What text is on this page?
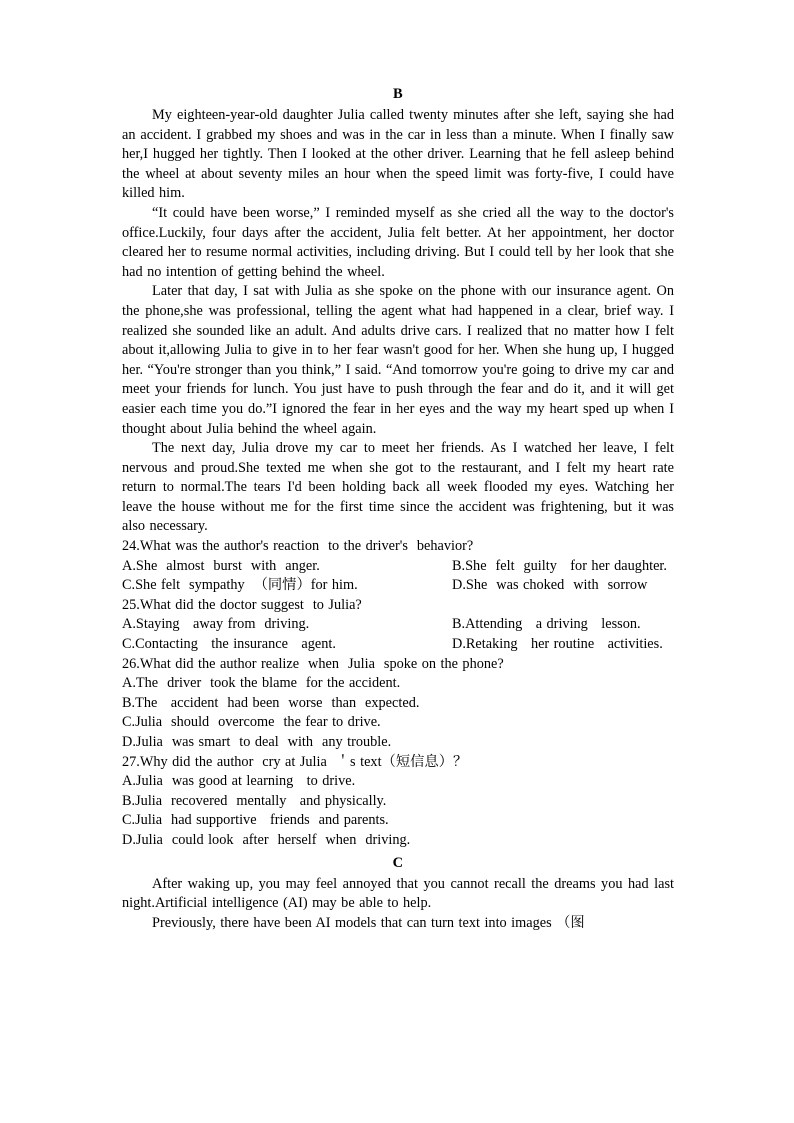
B

My eighteen-year-old daughter Julia called twenty minutes after she left, saying she had an accident. I grabbed my shoes and was in the car in less than a minute. When I finally saw her,I hugged her tightly. Then I looked at the other driver. Learning that he fell asleep behind the wheel at about seventy miles an hour when the speed limit was forty-five, I could have killed him.

“It could have been worse,” I reminded myself as she cried all the way to the doctor's office.Luckily, four days after the accident, Julia felt better. At her appointment, her doctor cleared her to resume normal activities, including driving. But I could tell by her look that she had no intention of getting behind the wheel.

Later that day, I sat with Julia as she spoke on the phone with our insurance agent. On the phone,she was professional, telling the agent what had happened in a clear, brief way. I realized she sounded like an adult. And adults drive cars. I realized that no matter how I felt about it,allowing Julia to give in to her fear wasn't good for her. When she hung up, I hugged her. “You're stronger than you think,” I said. “And tomorrow you're going to drive my car and meet your friends for lunch. You just have to push through the fear and do it, and it will get easier each time you do.”I ignored the fear in her eyes and the way my heart sped up when I thought about Julia behind the wheel again.

The next day, Julia drove my car to meet her friends. As I watched her leave, I felt nervous and proud.She texted me when she got to the restaurant, and I felt my heart rate return to normal.The tears I'd been holding back all week flooded my eyes. Watching her leave the house without me for the first time since the accident was frightening, but it was also necessary.

24.What was the author's reaction  to the driver's  behavior?

A.She  almost  burst  with  anger.	B.She  felt  guilty   for her daughter.
C.She felt  sympathy  （同情）for him.	D.She  was choked  with  sorrow

25.What did the doctor suggest  to Julia?

A.Staying   away from  driving.	B.Attending   a driving   lesson.
C.Contacting   the insurance   agent.	D.Retaking   her routine   activities.

26.What did the author realize  when  Julia  spoke on the phone?

A.The  driver  took the blame  for the accident.

B.The   accident  had been  worse  than  expected.

C.Julia  should  overcome  the fear to drive.

D.Julia  was smart  to deal  with  any trouble.

27.Why did the author  cry at Julia  ＇s text（短信息）？

A.Julia  was good at learning   to drive.

B.Julia  recovered  mentally   and physically.

C.Julia  had supportive   friends  and parents.

D.Julia  could look  after  herself  when  driving.

C

After waking up, you may feel annoyed that you cannot recall the dreams you had last night.Artificial intelligence (AI) may be able to help.

Previously, there have been AI models that can turn text into images （图
